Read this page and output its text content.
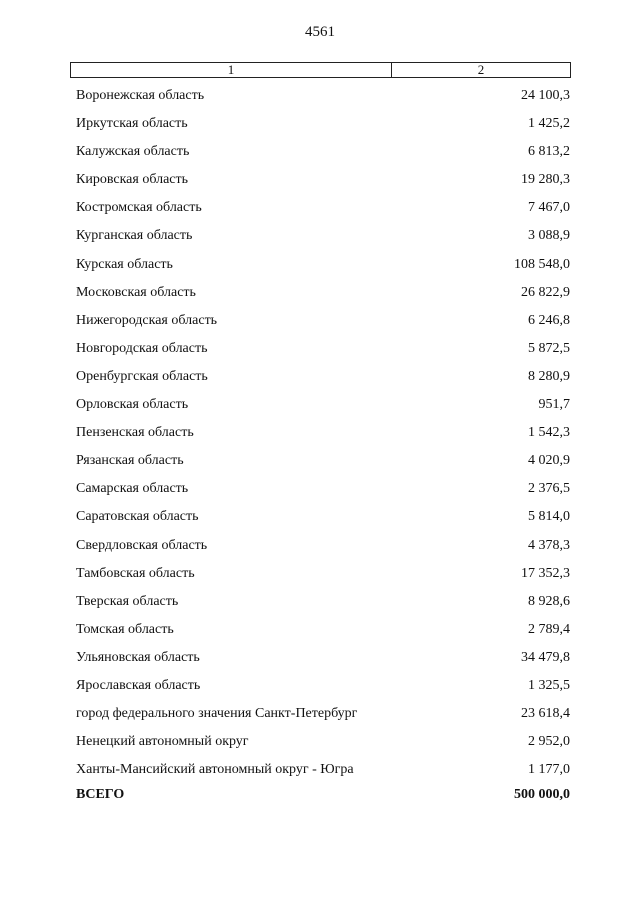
4561
1	2
Воронежская область	24 100,3
Иркутская область	1 425,2
Калужская область	6 813,2
Кировская область	19 280,3
Костромская область	7 467,0
Курганская область	3 088,9
Курская область	108 548,0
Московская область	26 822,9
Нижегородская область	6 246,8
Новгородская область	5 872,5
Оренбургская область	8 280,9
Орловская область	951,7
Пензенская область	1 542,3
Рязанская область	4 020,9
Самарская область	2 376,5
Саратовская область	5 814,0
Свердловская область	4 378,3
Тамбовская область	17 352,3
Тверская область	8 928,6
Томская область	2 789,4
Ульяновская область	34 479,8
Ярославская область	1 325,5
город федерального значения Санкт-Петербург	23 618,4
Ненецкий автономный округ	2 952,0
Ханты-Мансийский автономный округ - Югра	1 177,0
ВСЕГО	500 000,0
